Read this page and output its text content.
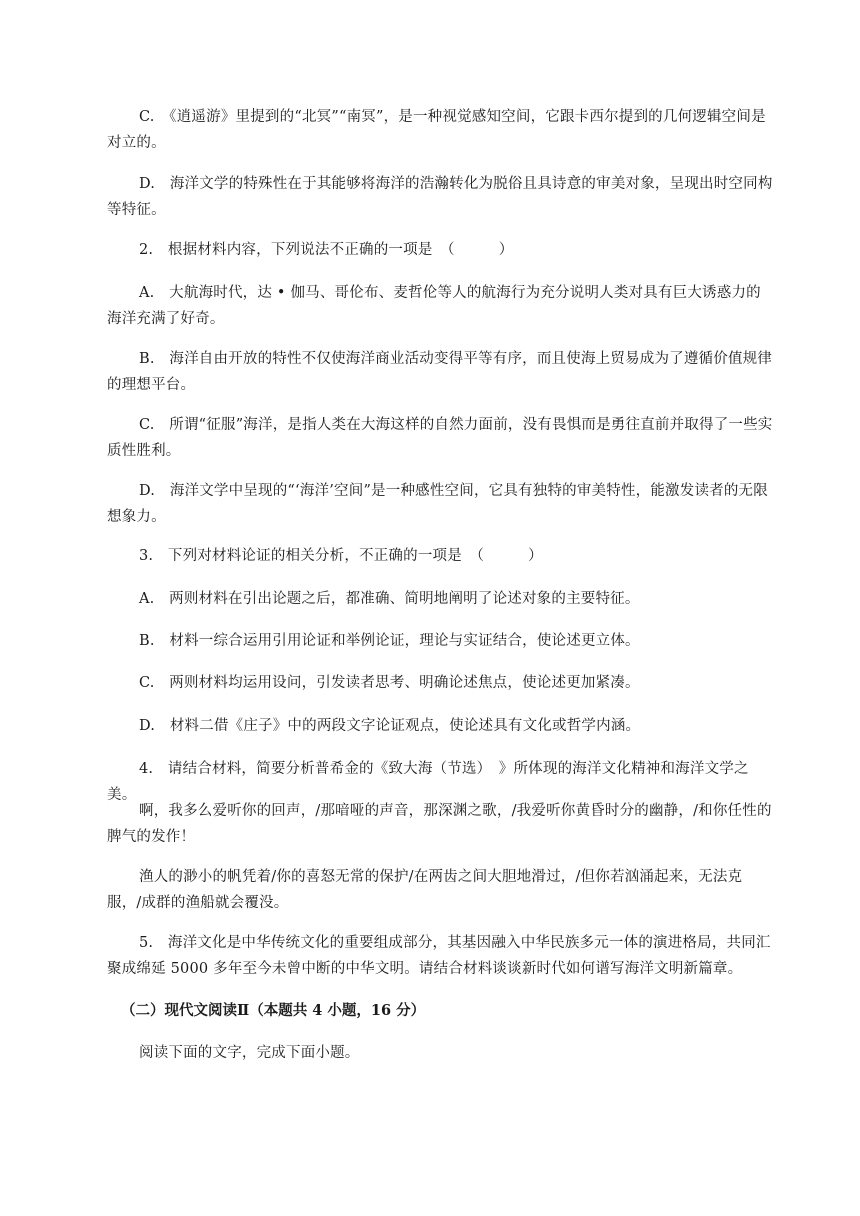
C.　《逍遥游》里提到的“北冥”“南冥”，是一种视觉感知空间，它跟卡西尔提到的几何逻辑空间是对立的。

D.　海洋文学的特殊性在于其能够将海洋的浩瀚转化为脱俗且具诗意的审美对象，呈现出时空同构等特征。

2.　根据材料内容，下列说法不正确的一项是　（　　　）

A.　大航海时代，达 • 伽马、哥伦布、麦哲伦等人的航海行为充分说明人类对具有巨大诱惑力的海洋充满了好奇。

B.　海洋自由开放的特性不仅使海洋商业活动变得平等有序，而且使海上贸易成为了遵循价值规律的理想平台。

C.　所谓“征服”海洋，是指人类在大海这样的自然力面前，没有畏惧而是勇往直前并取得了一些实质性胜利。

D.　海洋文学中呈现的“‘海洋’空间”是一种感性空间，它具有独特的审美特性，能激发读者的无限想象力。

3.　下列对材料论证的相关分析，不正确的一项是　（　　　）

A.　两则材料在引出论题之后，都准确、简明地阐明了论述对象的主要特征。

B.　材料一综合运用引用论证和举例论证，理论与实证结合，使论述更立体。

C.　两则材料均运用设问，引发读者思考、明确论述焦点，使论述更加紧凑。

D.　材料二借《庄子》中的两段文字论证观点，使论述具有文化或哲学内涵。

4.　请结合材料，简要分析普希金的《致大海（节选）　》所体现的海洋文化精神和海洋文学之美。

啊，我多么爱听你的回声，/那喑哑的声音，那深渊之歌，/我爱听你黄昏时分的幽静，/和你任性的脾气的发作！

渔人的渺小的帆凭着/你的喜怒无常的保护/在两齿之间大胆地滑过，/但你若汹涌起来，无法克服，/成群的渔船就会覆没。

5.　海洋文化是中华传统文化的重要组成部分，其基因融入中华民族多元一体的演进格局，共同汇聚成绵延 5000 多年至今未曾中断的中华文明。请结合材料谈谈新时代如何谱写海洋文明新篇章。

（二）现代文阅读Ⅱ（本题共 4 小题，16 分）

阅读下面的文字，完成下面小题。
